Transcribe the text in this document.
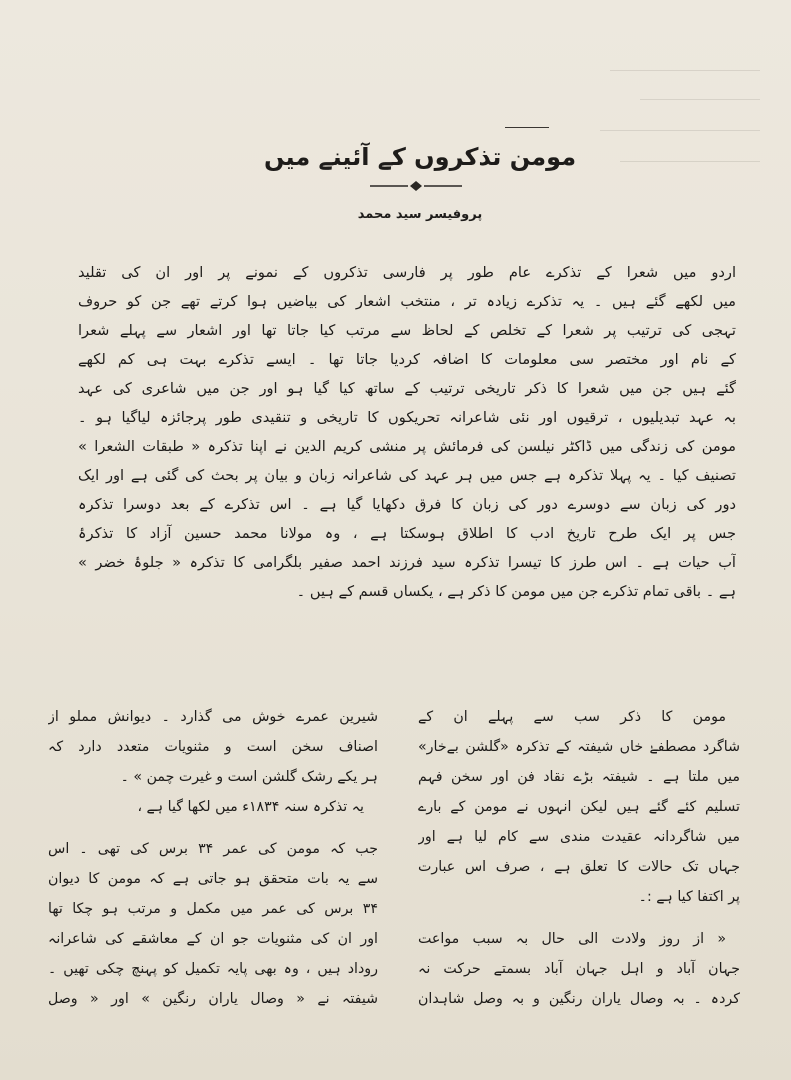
مومن تذکروں کے آئینے میں
پروفیسر سید محمد
اردو میں شعرا کے تذکرے عام طور پر فارسی تذکروں کے نمونے پر اور ان کی تقلید
میں لکھے گئے ہیں ۔ یہ تذکرے زیادہ تر ، منتخب اشعار کی بیاضیں ہوا کرتے تھے جن کو حروف
تہجی کی ترتیب پر شعرا کے تخلص کے لحاظ سے مرتب کیا جاتا تھا اور اشعار سے پہلے شعرا
کے نام اور مختصر سی معلومات کا اضافہ کردیا جاتا تھا ۔ ایسے تذکرے بہت ہی کم لکھے
گئے ہیں جن میں شعرا کا ذکر تاریخی ترتیب کے ساتھ کیا گیا ہو اور جن میں شاعری کی عہد
بہ عہد تبدیلیوں ، ترقیوں اور نئی شاعرانہ تحریکوں کا تاریخی و تنقیدی طور پرجائزہ لیاگیا ہو ۔
مومن کی زندگی میں ڈاکٹر نیلسن کی فرمائش پر منشی کریم الدین نے اپنا تذکرہ « طبقات الشعرا »
تصنیف کیا ۔ یہ پہلا تذکرہ ہے جس میں ہر عہد کی شاعرانہ زبان و بیان پر بحث کی گئی ہے اور ایک
دور کی زبان سے دوسرے دور کی زبان کا فرق دکھایا گیا ہے ۔ اس تذکرے کے بعد دوسرا تذکرہ
جس پر ایک طرح تاریخ ادب کا اطلاق ہوسکتا ہے ، وہ مولانا محمد حسین آزاد کا تذکرۂ
آب حیات ہے ۔ اس طرز کا تیسرا تذکرہ سید فرزند احمد صفیر بلگرامی کا تذکرہ « جلوۂ خضر »
ہے ۔ باقی تمام تذکرے جن میں مومن کا ذکر ہے ، یکساں قسم کے ہیں ۔
مومن کا ذکر سب سے پہلے ان کے
شاگرد مصطفےٰ خاں شیفتہ کے تذکرہ «گلشن بےخار»
میں ملتا ہے ۔ شیفتہ بڑے نقاد فن اور سخن فہم
تسلیم کئے گئے ہیں لیکن انہوں نے مومن کے بارے
میں شاگردانہ عقیدت مندی سے کام لیا ہے اور
جہاں تک حالات کا تعلق ہے ، صرف اس عبارت
پر اکتفا کیا ہے :۔
« از روز ولادت الی حال بہ سبب مواعت
جہان آباد و اہل جہان آباد بسمتے حرکت نہ
کردہ ۔ بہ وصال یاران رنگین و بہ وصل شاہدان
شیرین عمرے خوش می گذارد ۔ دیوانش مملو از
اصناف سخن است و مثنویات متعدد دارد کہ
ہر یکے رشک گلشن است و غیرت چمن » ۔
یہ تذکرہ سنہ ۱۸۳۴ء میں لکھا گیا ہے ،
جب کہ مومن کی عمر ۳۴ برس کی تھی ۔ اس
سے یہ بات متحقق ہو جاتی ہے کہ مومن کا دیوان
۳۴ برس کی عمر میں مکمل و مرتب ہو چکا تھا
اور ان کی مثنویات جو ان کے معاشقے کی شاعرانہ
روداد ہیں ، وہ بھی پایہ تکمیل کو پہنچ چکی تھیں ۔
شیفتہ نے « وصال یاران رنگین » اور « وصل
